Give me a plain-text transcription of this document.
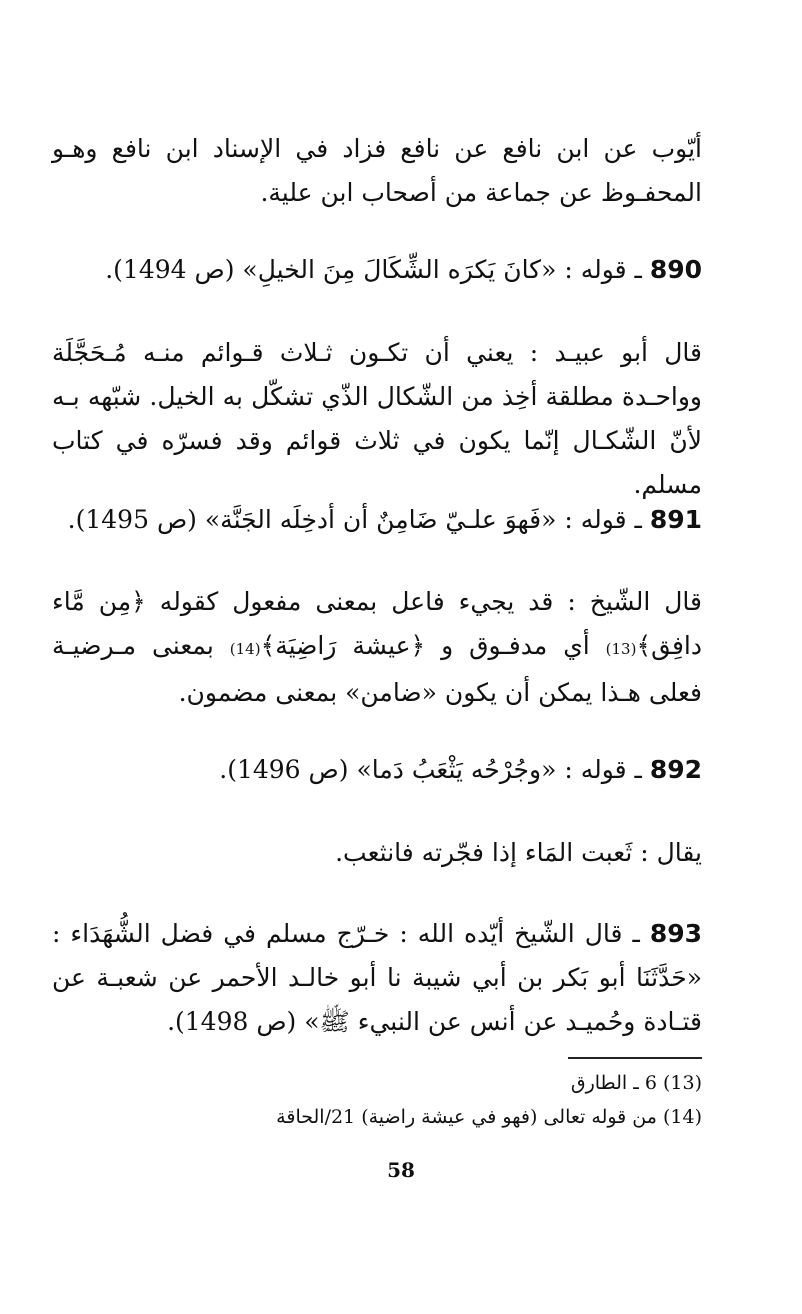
أيّوب عن ابن نافع عن نافع فزاد في الإسناد ابن نافع وهـو المحفـوظ عن جماعة من أصحاب ابن علية.

890 ـ قوله : «كانَ يَكرَه الشِّكَالَ مِنَ الخيلِ» (ص 1494).

قال أبو عبيـد : يعني أن تكـون ثـلاث قـوائم منـه مُـحَجَّلَة وواحـدة مطلقة أخِذ من الشّكال الذّي تشكّل به الخيل. شبّهه بـه لأنّ الشّكـال إنّما يكون في ثلاث قوائم وقد فسرّه في كتاب مسلم.

891 ـ قوله : «فَهوَ علـيّ ضَامِنٌ أن أدخِلَه الجَنَّة» (ص 1495).

قال الشّيخ : قد يجيء فاعل بمعنى مفعول كقوله ﴿مِن مَّاء دافِق﴾(13) أي مدفـوق و ﴿عيشة رَاضِيَة﴾(14) بمعنى مـرضيـة فعلى هـذا يمكن أن يكون «ضامن» بمعنى مضمون.

892 ـ قوله : «وجُرْحُه يَثْعَبُ دَما» (ص 1496).

يقال : ثَعبت المَاء إذا فجّرته فانثعب.

893 ـ قال الشّيخ أيّده الله : خـرّج مسلم في فضل الشُّهَدَاء : «حَدَّثَنَا أبو بَكر بن أبي شيبة نا أبو خالـد الأحمر عن شعبـة عن قتـادة وحُميـد عن أنس عن النبيء ﷺ» (ص 1498).

(13) 6 ـ الطارق

(14) من قوله تعالى (فهو في عيشة راضية) 21/الحاقة

58
